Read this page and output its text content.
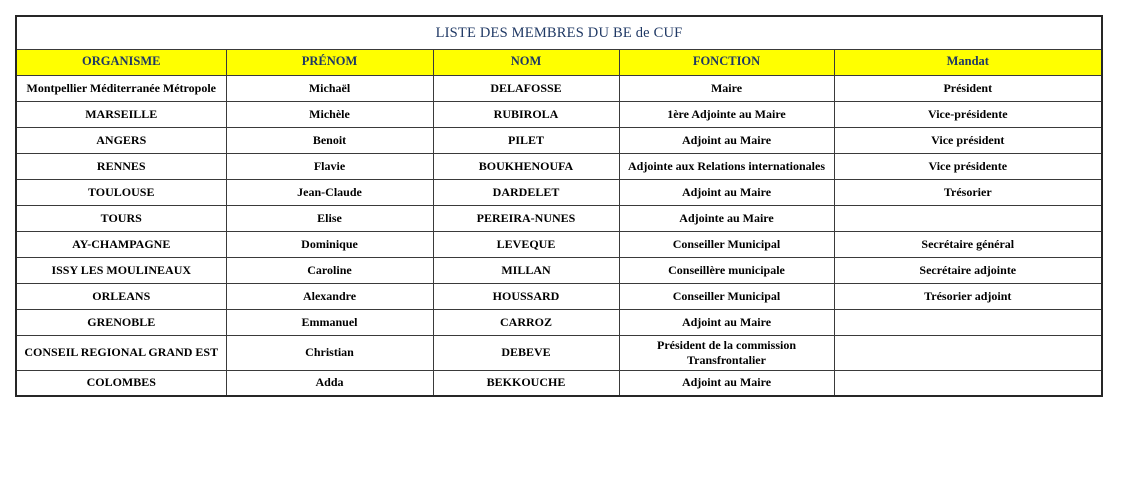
LISTE DES MEMBRES DU BE de CUF				
ORGANISME	PRÉNOM	NOM	FONCTION	Mandat
Montpellier Méditerranée Métropole	Michaël	DELAFOSSE	Maire	Président
MARSEILLE	Michèle	RUBIROLA	1ère Adjointe au Maire	Vice-présidente
ANGERS	Benoit	PILET	Adjoint au Maire	Vice président
RENNES	Flavie	BOUKHENOUFA	Adjointe aux Relations internationales	Vice présidente
TOULOUSE	Jean-Claude	DARDELET	Adjoint au Maire	Trésorier
TOURS	Elise	PEREIRA-NUNES	Adjointe au Maire	
AY-CHAMPAGNE	Dominique	LEVEQUE	Conseiller Municipal	Secrétaire général
ISSY LES MOULINEAUX	Caroline	MILLAN	Conseillère municipale	Secrétaire adjointe
ORLEANS	Alexandre	HOUSSARD	Conseiller Municipal	Trésorier adjoint
GRENOBLE	Emmanuel	CARROZ	Adjoint au Maire	
CONSEIL REGIONAL GRAND EST	Christian	DEBEVE	Président de la commission Transfrontalier	
COLOMBES	Adda	BEKKOUCHE	Adjoint au Maire	
